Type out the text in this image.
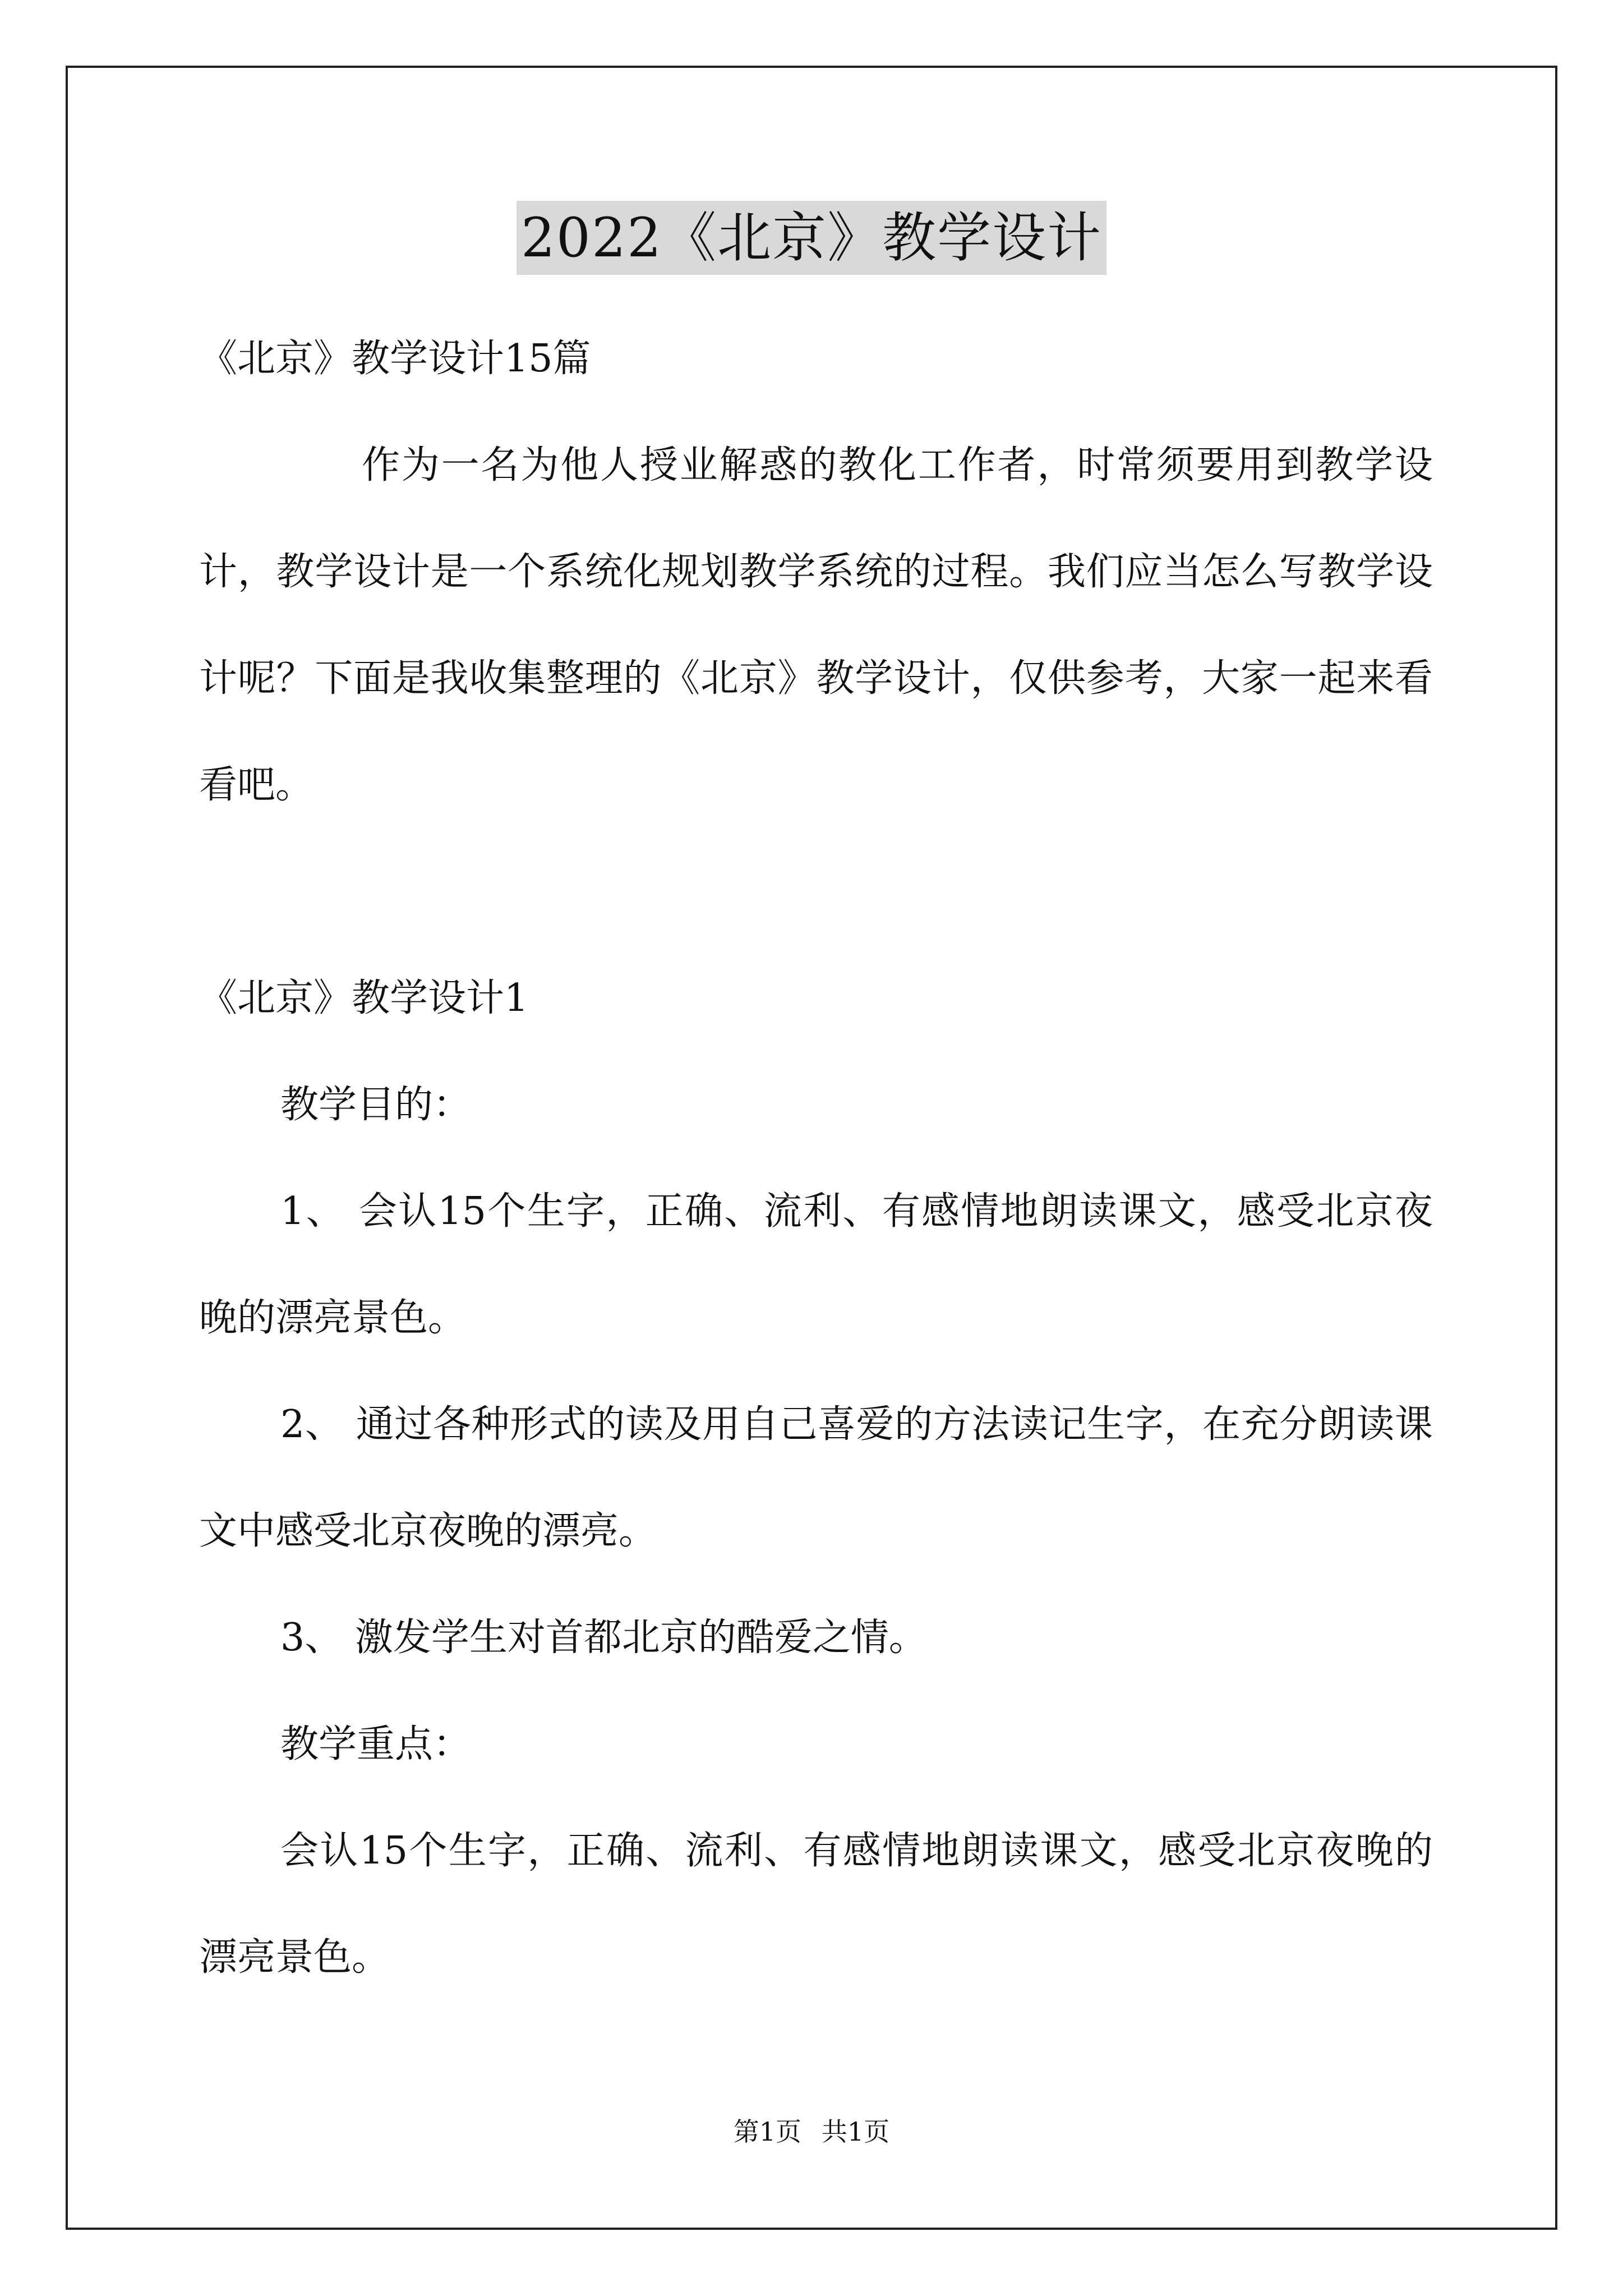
2022《北京》教学设计

《北京》教学设计15篇

作为一名为他人授业解惑的教化工作者，时常须要用到教学设计，教学设计是一个系统化规划教学系统的过程。我们应当怎么写教学设计呢？下面是我收集整理的《北京》教学设计，仅供参考，大家一起来看看吧。

《北京》教学设计1

教学目的：

1、 会认15个生字，正确、流利、有感情地朗读课文，感受北京夜晚的漂亮景色。

2、 通过各种形式的读及用自己喜爱的方法读记生字，在充分朗读课文中感受北京夜晚的漂亮。

3、 激发学生对首都北京的酷爱之情。

教学重点：

会认15个生字，正确、流利、有感情地朗读课文，感受北京夜晚的漂亮景色。

第1页 共1页
